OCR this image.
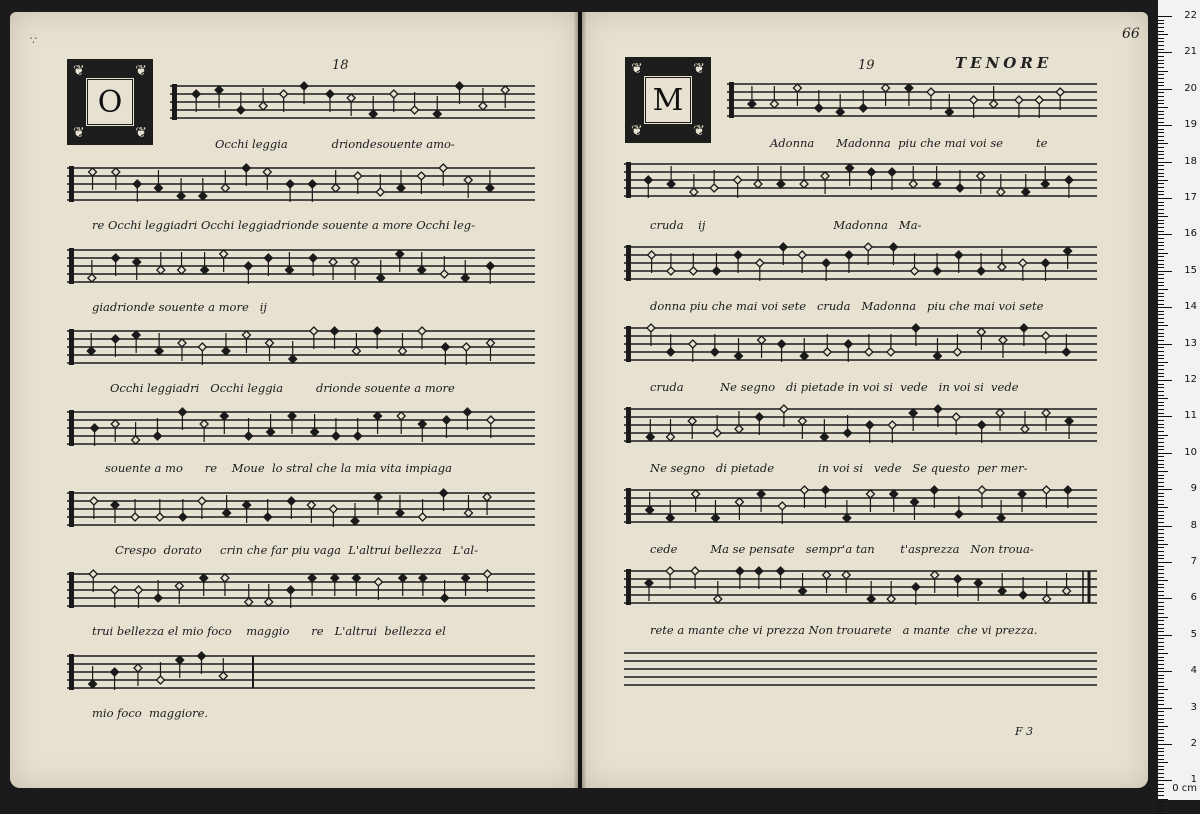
∵
18
❦	❦
❦	❦
O
19	TENORE
66
❦	❦
❦	❦
M
F 3
Occhi leggia            driondesouente amo-
re Occhi leggiadri Occhi leggiadrionde souente a more Occhi leg-
giadrionde souente a more   ij
Occhi leggiadri   Occhi leggia         drionde souente a more
souente a mo      re    Moue  lo stral che la mia vita impiaga
Crespo  dorato     crin che far piu vaga  L'altrui bellezza   L'al-
trui bellezza el mio foco    maggio      re   L'altrui  bellezza el
mio foco  maggiore.
Adonna      Madonna  piu che mai voi se         te
cruda    ij                                   Madonna   Ma-
donna piu che mai voi sete   cruda   Madonna   piu che mai voi sete
cruda          Ne segno   di pietade in voi si  vede   in voi si  vede
Ne segno   di pietade            in voi si   vede   Se questo  per mer-
cede         Ma se pensate   sempr'a tan       t'asprezza   Non troua-
rete a mante che vi prezza Non trouarete   a mante  che vi prezza.
0 cm
22
21
20
19
18
17
16
15
14
13
12
11
10
9
8
7
6
5
4
3
2
1
